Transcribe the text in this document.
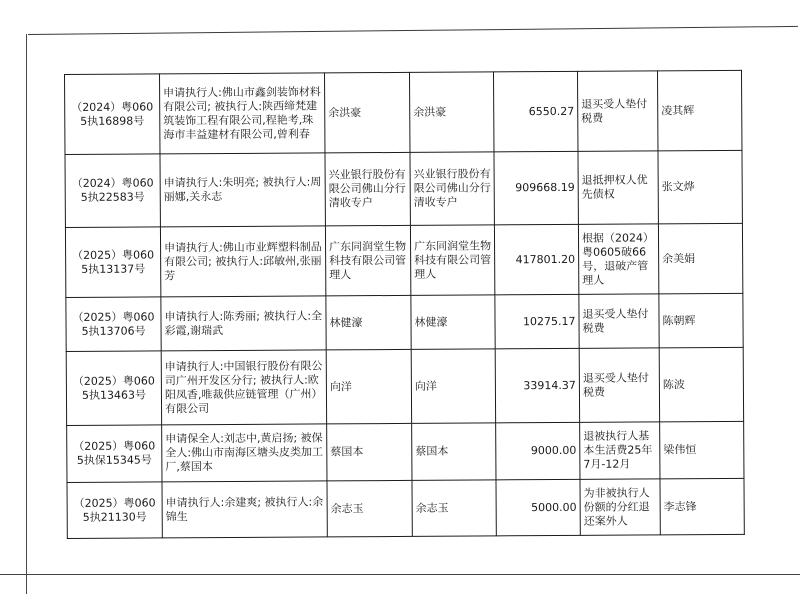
（2024）粤0605执16898号	申请执行人:佛山市鑫剑装饰材料有限公司; 被执行人:陕西缔梵建筑装饰工程有限公司,程艳考,珠海市丰益建材有限公司,曾利春	余洪豪	余洪豪	6550.27	退买受人垫付税费	凌其辉
（2024）粤0605执22583号	申请执行人:朱明亮; 被执行人:周丽娜,关永志	兴业银行股份有限公司佛山分行清收专户	兴业银行股份有限公司佛山分行清收专户	909668.19	退抵押权人优先债权	张文烨
（2025）粤0605执13137号	申请执行人:佛山市业辉塑料制品有限公司; 被执行人:邱敏州,张丽芳	广东同润堂生物科技有限公司管理人	广东同润堂生物科技有限公司管理人	417801.20	根据（2024）粤0605破66号，退破产管理人	余美娟
（2025）粤0605执13706号	申请执行人:陈秀丽; 被执行人:全彩霞,谢瑞武	林健濠	林健濠	10275.17	退买受人垫付税费	陈朝辉
（2025）粤0605执13463号	申请执行人:中国银行股份有限公司广州开发区分行; 被执行人:欧阳凤香,唯裁供应链管理（广州）有限公司	向洋	向洋	33914.37	退买受人垫付税费	陈波
（2025）粤0605执保15345号	申请保全人:刘志中,黄启扬; 被保全人:佛山市南海区塘头皮类加工厂,蔡国本	蔡国本	蔡国本	9000.00	退被执行人基本生活费25年7月-12月	梁伟恒
（2025）粤0605执21130号	申请执行人:余建爽; 被执行人:余锦生	余志玉	余志玉	5000.00	为非被执行人份额的分红退还案外人	李志锋
